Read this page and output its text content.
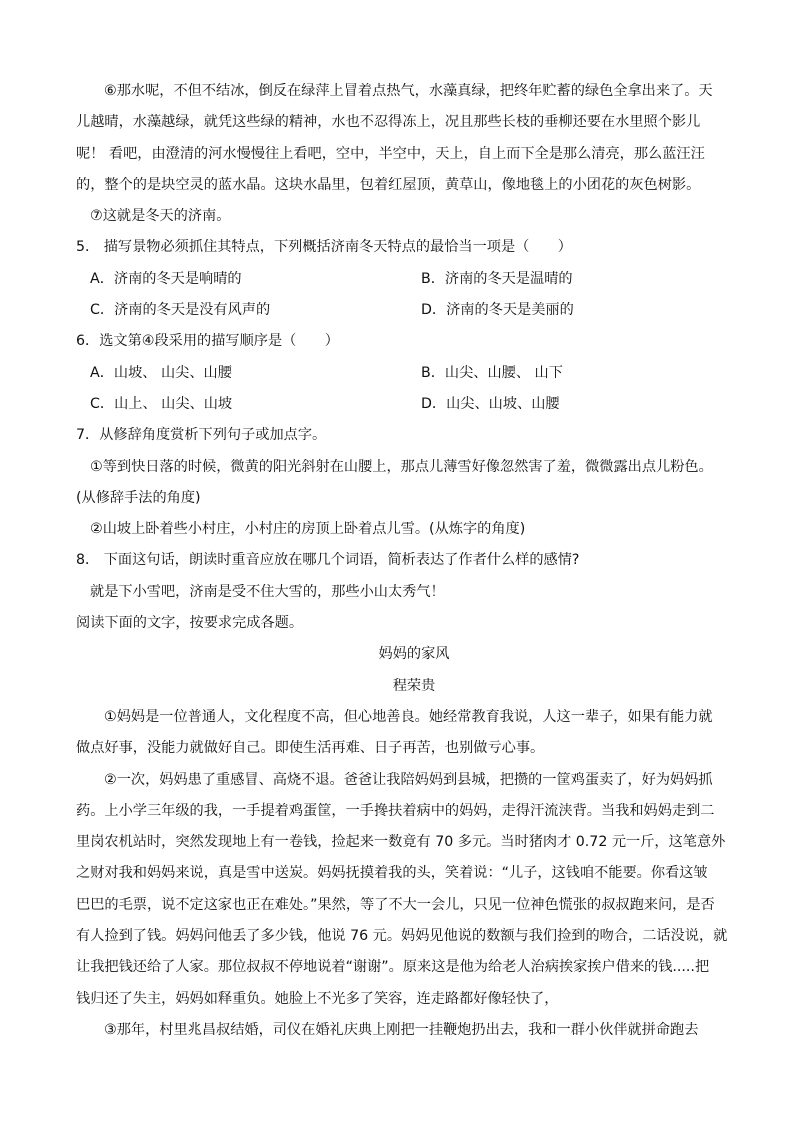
⑥那水呢，不但不结冰，倒反在绿萍上冒着点热气，水藻真绿，把终年贮蓄的绿色全拿出来了。天

儿越晴，水藻越绿，就凭这些绿的精神，水也不忍得冻上，况且那些长枝的垂柳还要在水里照个影儿

呢！ 看吧，由澄清的河水慢慢往上看吧，空中，半空中，天上，自上而下全是那么清亮，那么蓝汪汪

的，整个的是块空灵的蓝水晶。这块水晶里，包着红屋顶，黄草山，像地毯上的小团花的灰色树影。

⑦这就是冬天的济南。

5． 描写景物必须抓住其特点，下列概括济南冬天特点的最恰当一项是（　　）

A．济南的冬天是响晴的	B．济南的冬天是温晴的
C．济南的冬天是没有风声的	D．济南的冬天是美丽的

6．选文第④段采用的描写顺序是（　　）

A．山坡、 山尖、山腰	B．山尖、山腰、 山下
C．山上、 山尖、山坡	D．山尖、山坡、山腰

7．从修辞角度赏析下列句子或加点字。

①等到快日落的时候，微黄的阳光斜射在山腰上，那点儿薄雪好像忽然害了羞，微微露出点儿粉色。

(从修辞手法的角度)

②山坡上卧着些小村庄，小村庄的房顶上卧着点儿雪。(从炼字的角度)

8． 下面这句话，朗读时重音应放在哪几个词语，简析表达了作者什么样的感情?

就是下小雪吧，济南是受不住大雪的，那些小山太秀气！

阅读下面的文字，按要求完成各题。

妈妈的家风

程荣贵

①妈妈是一位普通人，文化程度不高，但心地善良。她经常教育我说，人这一辈子，如果有能力就

做点好事，没能力就做好自己。即使生活再难、日子再苦，也别做亏心事。

②一次，妈妈患了重感冒、高烧不退。爸爸让我陪妈妈到县城，把攒的一筐鸡蛋卖了，好为妈妈抓

药。上小学三年级的我，一手提着鸡蛋筐，一手搀扶着病中的妈妈，走得汗流浃背。当我和妈妈走到二

里岗农机站时，突然发现地上有一卷钱，捡起来一数竟有 70 多元。当时猪肉才 0.72 元一斤，这笔意外

之财对我和妈妈来说，真是雪中送炭。妈妈抚摸着我的头，笑着说：“儿子，这钱咱不能要。你看这皱

巴巴的毛票，说不定这家也正在难处。”果然，等了不大一会儿，只见一位神色慌张的叔叔跑来问，是否

有人捡到了钱。妈妈问他丢了多少钱，他说 76 元。妈妈见他说的数额与我们捡到的吻合，二话没说，就

让我把钱还给了人家。那位叔叔不停地说着“谢谢”。原来这是他为给老人治病挨家挨户借来的钱.....把

钱归还了失主，妈妈如释重负。她脸上不光多了笑容，连走路都好像轻快了，

③那年，村里兆昌叔结婚，司仪在婚礼庆典上刚把一挂鞭炮扔出去，我和一群小伙伴就拼命跑去
